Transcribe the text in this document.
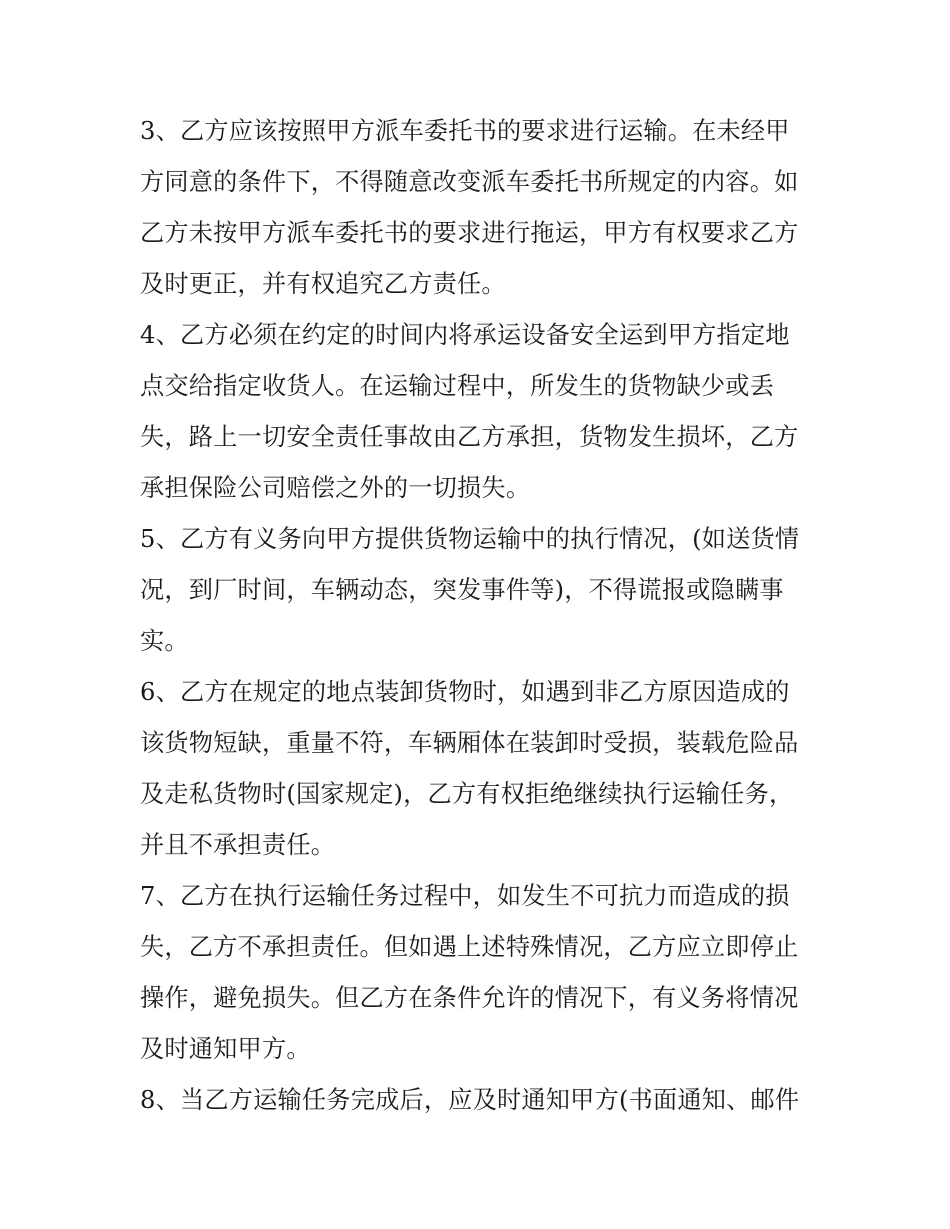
3、乙方应该按照甲方派车委托书的要求进行运输。在未经甲
方同意的条件下，不得随意改变派车委托书所规定的内容。如
乙方未按甲方派车委托书的要求进行拖运，甲方有权要求乙方
及时更正，并有权追究乙方责任。
4、乙方必须在约定的时间内将承运设备安全运到甲方指定地
点交给指定收货人。在运输过程中，所发生的货物缺少或丢
失，路上一切安全责任事故由乙方承担，货物发生损坏，乙方
承担保险公司赔偿之外的一切损失。
5、乙方有义务向甲方提供货物运输中的执行情况，(如送货情
况，到厂时间，车辆动态，突发事件等)，不得谎报或隐瞒事
实。
6、乙方在规定的地点装卸货物时，如遇到非乙方原因造成的
该货物短缺，重量不符，车辆厢体在装卸时受损，装载危险品
及走私货物时(国家规定)，乙方有权拒绝继续执行运输任务，
并且不承担责任。
7、乙方在执行运输任务过程中，如发生不可抗力而造成的损
失，乙方不承担责任。但如遇上述特殊情况，乙方应立即停止
操作，避免损失。但乙方在条件允许的情况下，有义务将情况
及时通知甲方。
8、当乙方运输任务完成后，应及时通知甲方(书面通知、邮件
